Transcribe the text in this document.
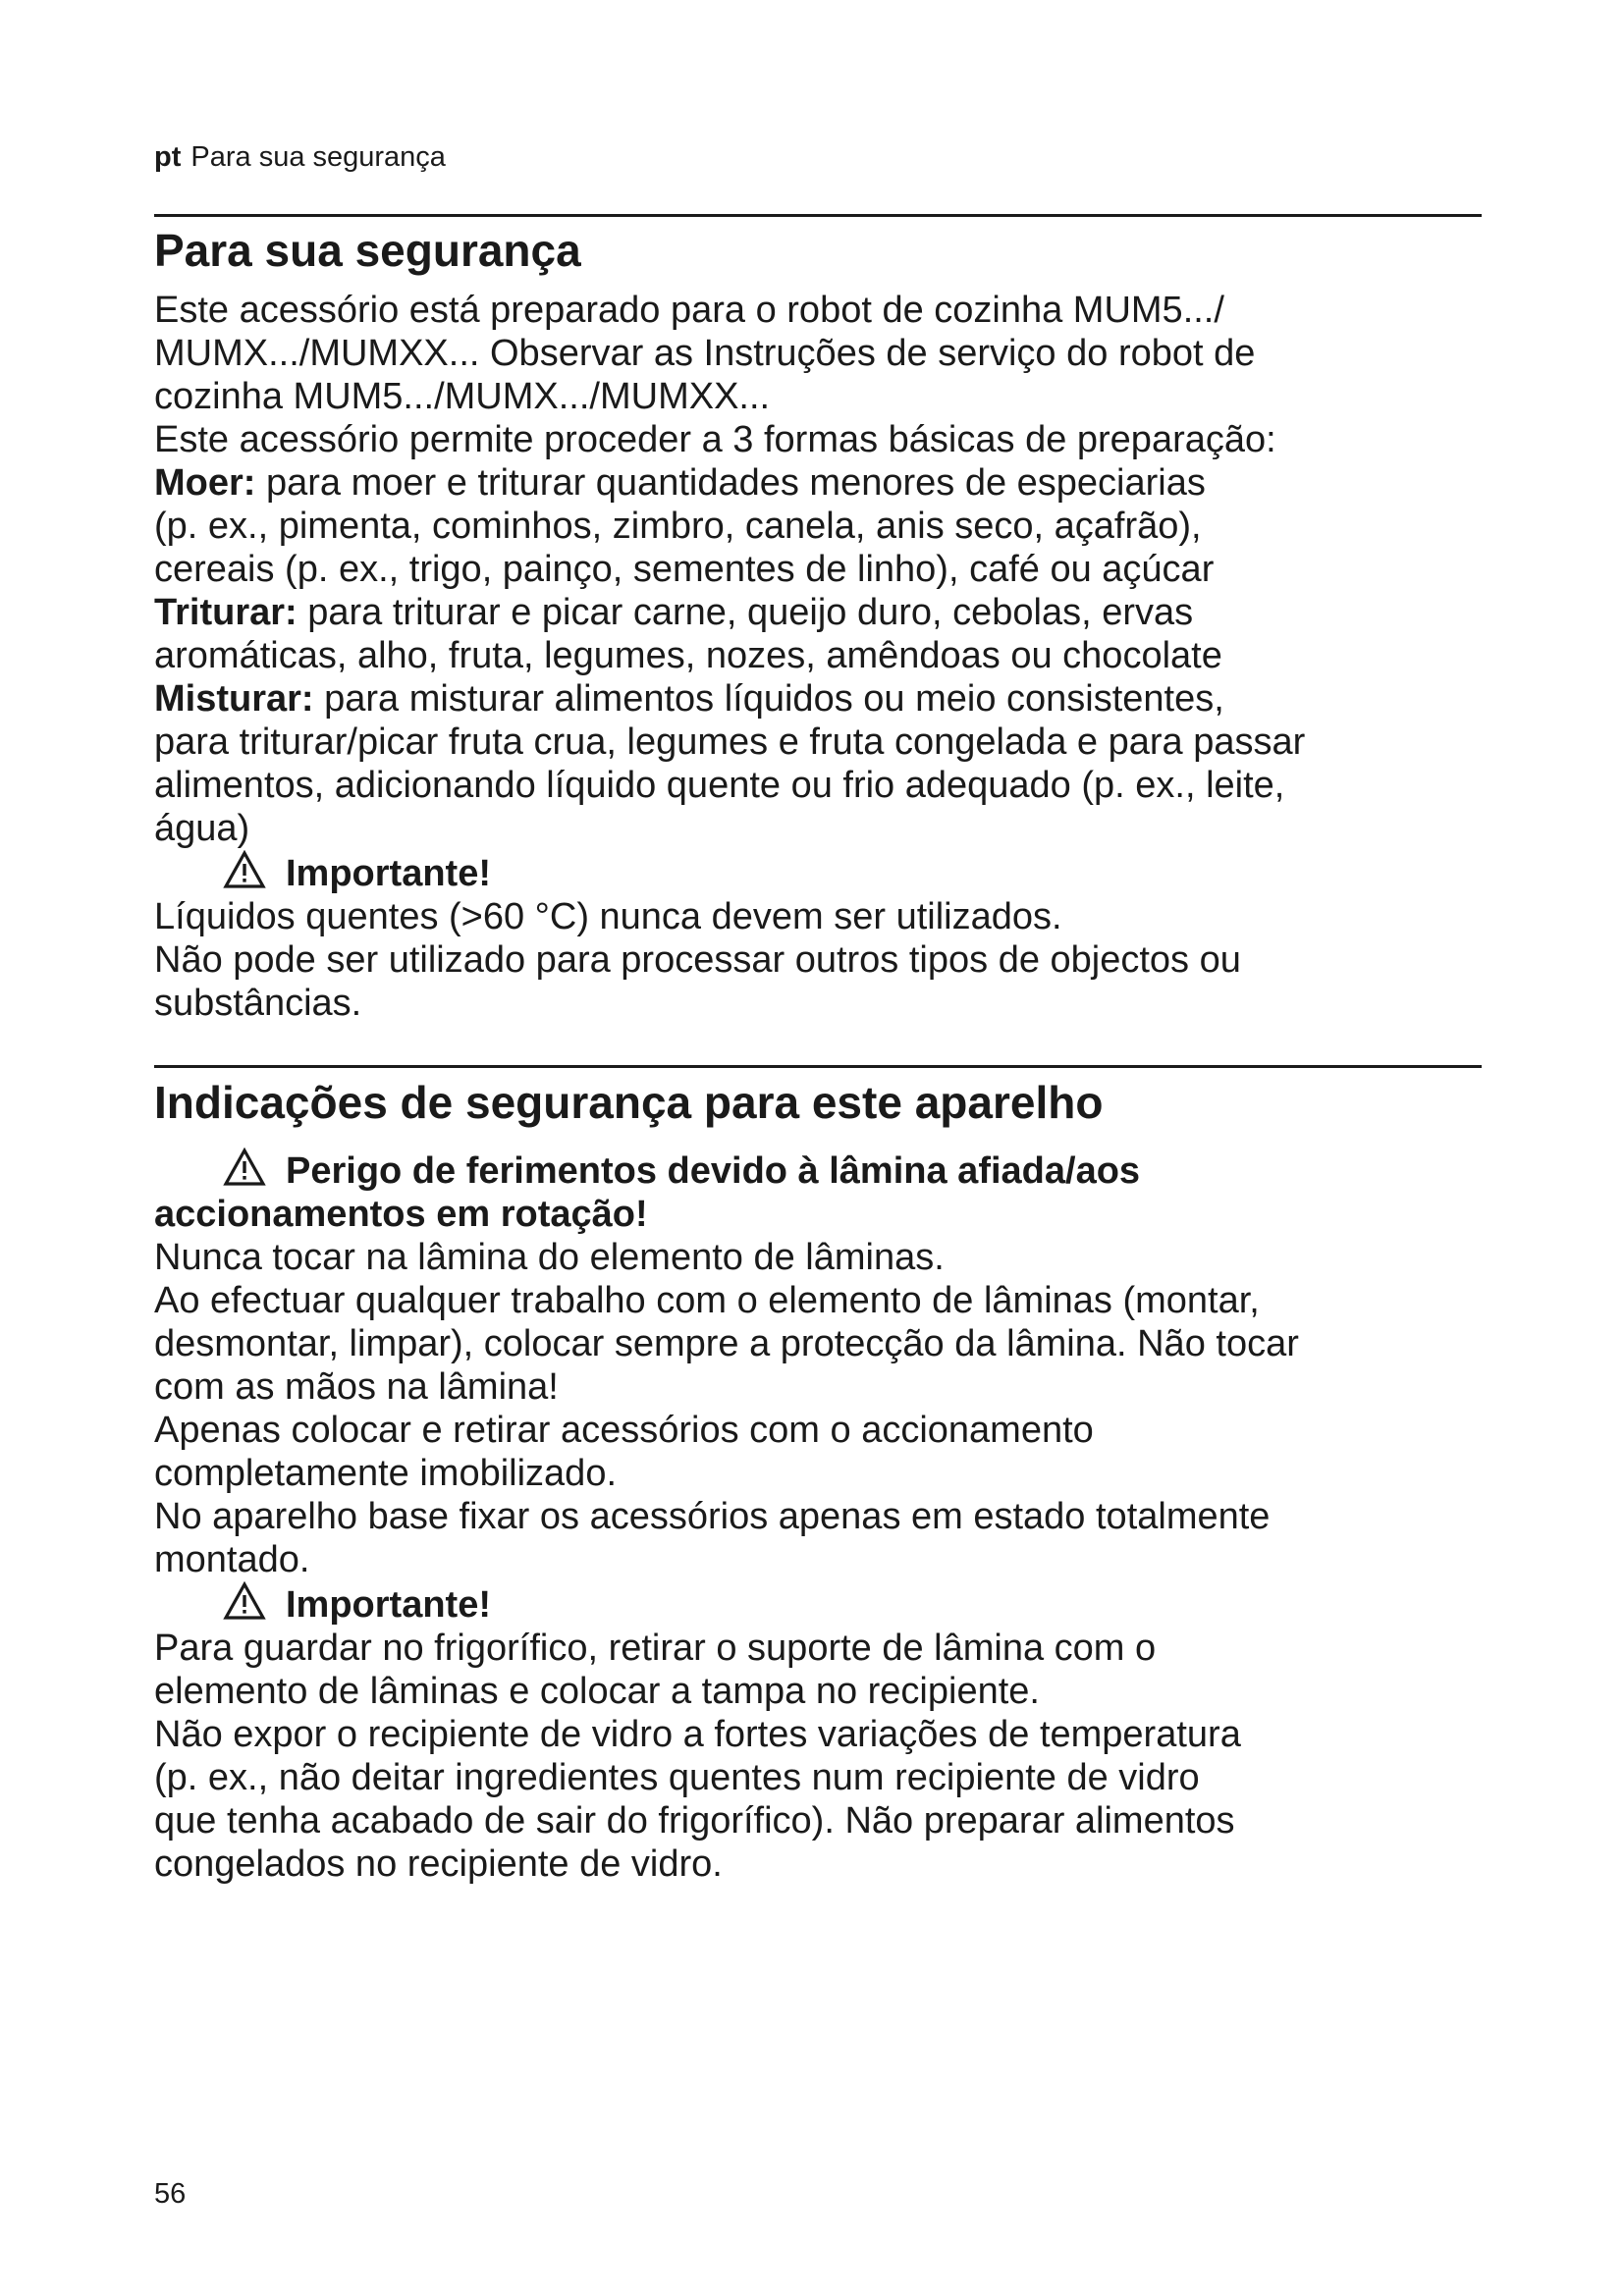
pt Para sua segurança
Para sua segurança

Este acessório está preparado para o robot de cozinha MUM5.../

MUMX.../MUMXX... Observar as Instruções de serviço do robot de

cozinha MUM5.../MUMX.../MUMXX...

Este acessório permite proceder a 3 formas básicas de preparação:

Moer: para moer e triturar quantidades menores de especiarias

(p. ex., pimenta, cominhos, zimbro, canela, anis seco, açafrão),

cereais (p. ex., trigo, painço, sementes de linho), café ou açúcar

Triturar: para triturar e picar carne, queijo duro, cebolas, ervas

aromáticas, alho, fruta, legumes, nozes, amêndoas ou chocolate

Misturar: para misturar alimentos líquidos ou meio consistentes,

para triturar/picar fruta crua, legumes e fruta congelada e para passar

alimentos, adicionando líquido quente ou frio adequado (p. ex., leite,

água)

Importante!

Líquidos quentes (>60 °C) nunca devem ser utilizados.

Não pode ser utilizado para processar outros tipos de objectos ou

substâncias.

Indicações de segurança para este aparelho

Perigo de ferimentos devido à lâmina afiada/aos

accionamentos em rotação!

Nunca tocar na lâmina do elemento de lâminas.

Ao efectuar qualquer trabalho com o elemento de lâminas (montar,

desmontar, limpar), colocar sempre a protecção da lâmina. Não tocar

com as mãos na lâmina!

Apenas colocar e retirar acessórios com o accionamento

completamente imobilizado.

No aparelho base fixar os acessórios apenas em estado totalmente

montado.

Importante!

Para guardar no frigorífico, retirar o suporte de lâmina com o

elemento de lâminas e colocar a tampa no recipiente.

Não expor o recipiente de vidro a fortes variações de temperatura

(p. ex., não deitar ingredientes quentes num recipiente de vidro

que tenha acabado de sair do frigorífico). Não preparar alimentos

congelados no recipiente de vidro.

56
